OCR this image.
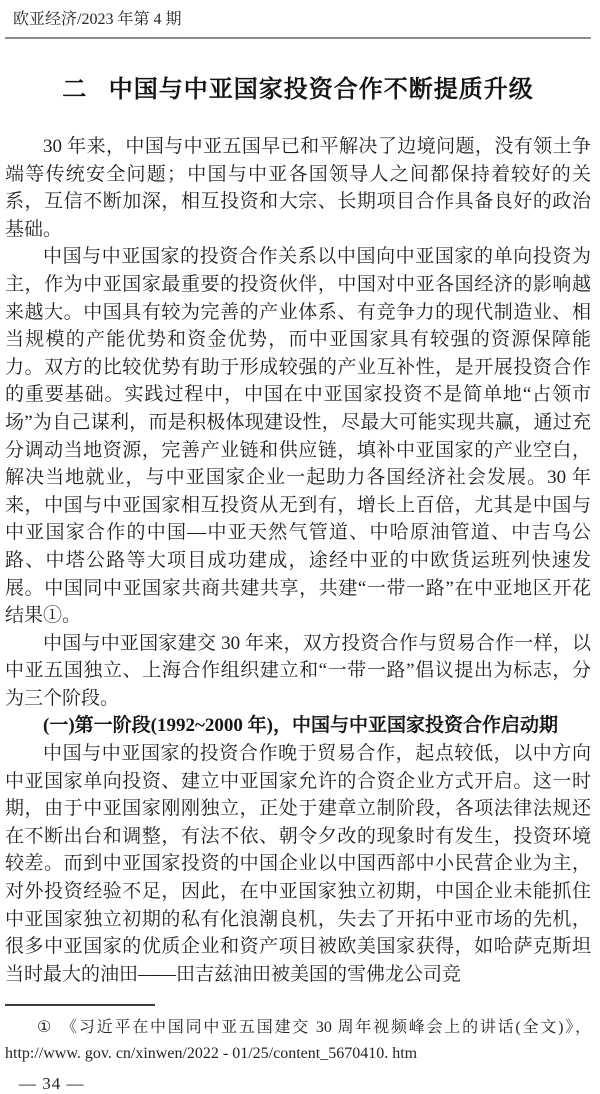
欧亚经济/2023 年第 4 期
二 中国与中亚国家投资合作不断提质升级

30 年来，中国与中亚五国早已和平解决了边境问题，没有领土争端等传统安全问题；中国与中亚各国领导人之间都保持着较好的关系，互信不断加深，相互投资和大宗、长期项目合作具备良好的政治基础。

中国与中亚国家的投资合作关系以中国向中亚国家的单向投资为主，作为中亚国家最重要的投资伙伴，中国对中亚各国经济的影响越来越大。中国具有较为完善的产业体系、有竞争力的现代制造业、相当规模的产能优势和资金优势，而中亚国家具有较强的资源保障能力。双方的比较优势有助于形成较强的产业互补性，是开展投资合作的重要基础。实践过程中，中国在中亚国家投资不是简单地“占领市场”为自己谋利，而是积极体现建设性，尽最大可能实现共赢，通过充分调动当地资源，完善产业链和供应链，填补中亚国家的产业空白，解决当地就业，与中亚国家企业一起助力各国经济社会发展。30 年来，中国与中亚国家相互投资从无到有，增长上百倍，尤其是中国与中亚国家合作的中国—中亚天然气管道、中哈原油管道、中吉乌公路、中塔公路等大项目成功建成，途经中亚的中欧货运班列快速发展。中国同中亚国家共商共建共享，共建“一带一路”在中亚地区开花结果①。

中国与中亚国家建交 30 年来，双方投资合作与贸易合作一样，以中亚五国独立、上海合作组织建立和“一带一路”倡议提出为标志，分为三个阶段。

(一)第一阶段(1992~2000 年)，中国与中亚国家投资合作启动期

中国与中亚国家的投资合作晚于贸易合作，起点较低，以中方向中亚国家单向投资、建立中亚国家允许的合资企业方式开启。这一时期，由于中亚国家刚刚独立，正处于建章立制阶段，各项法律法规还在不断出台和调整，有法不依、朝令夕改的现象时有发生，投资环境较差。而到中亚国家投资的中国企业以中国西部中小民营企业为主，对外投资经验不足，因此，在中亚国家独立初期，中国企业未能抓住中亚国家独立初期的私有化浪潮良机，失去了开拓中亚市场的先机，很多中亚国家的优质企业和资产项目被欧美国家获得，如哈萨克斯坦当时最大的油田——田吉兹油田被美国的雪佛龙公司竞

① 《习近平在中国同中亚五国建交 30 周年视频峰会上的讲话(全文)》，http://www. gov. cn/xinwen/2022 - 01/25/content_5670410. htm

— 34 —
